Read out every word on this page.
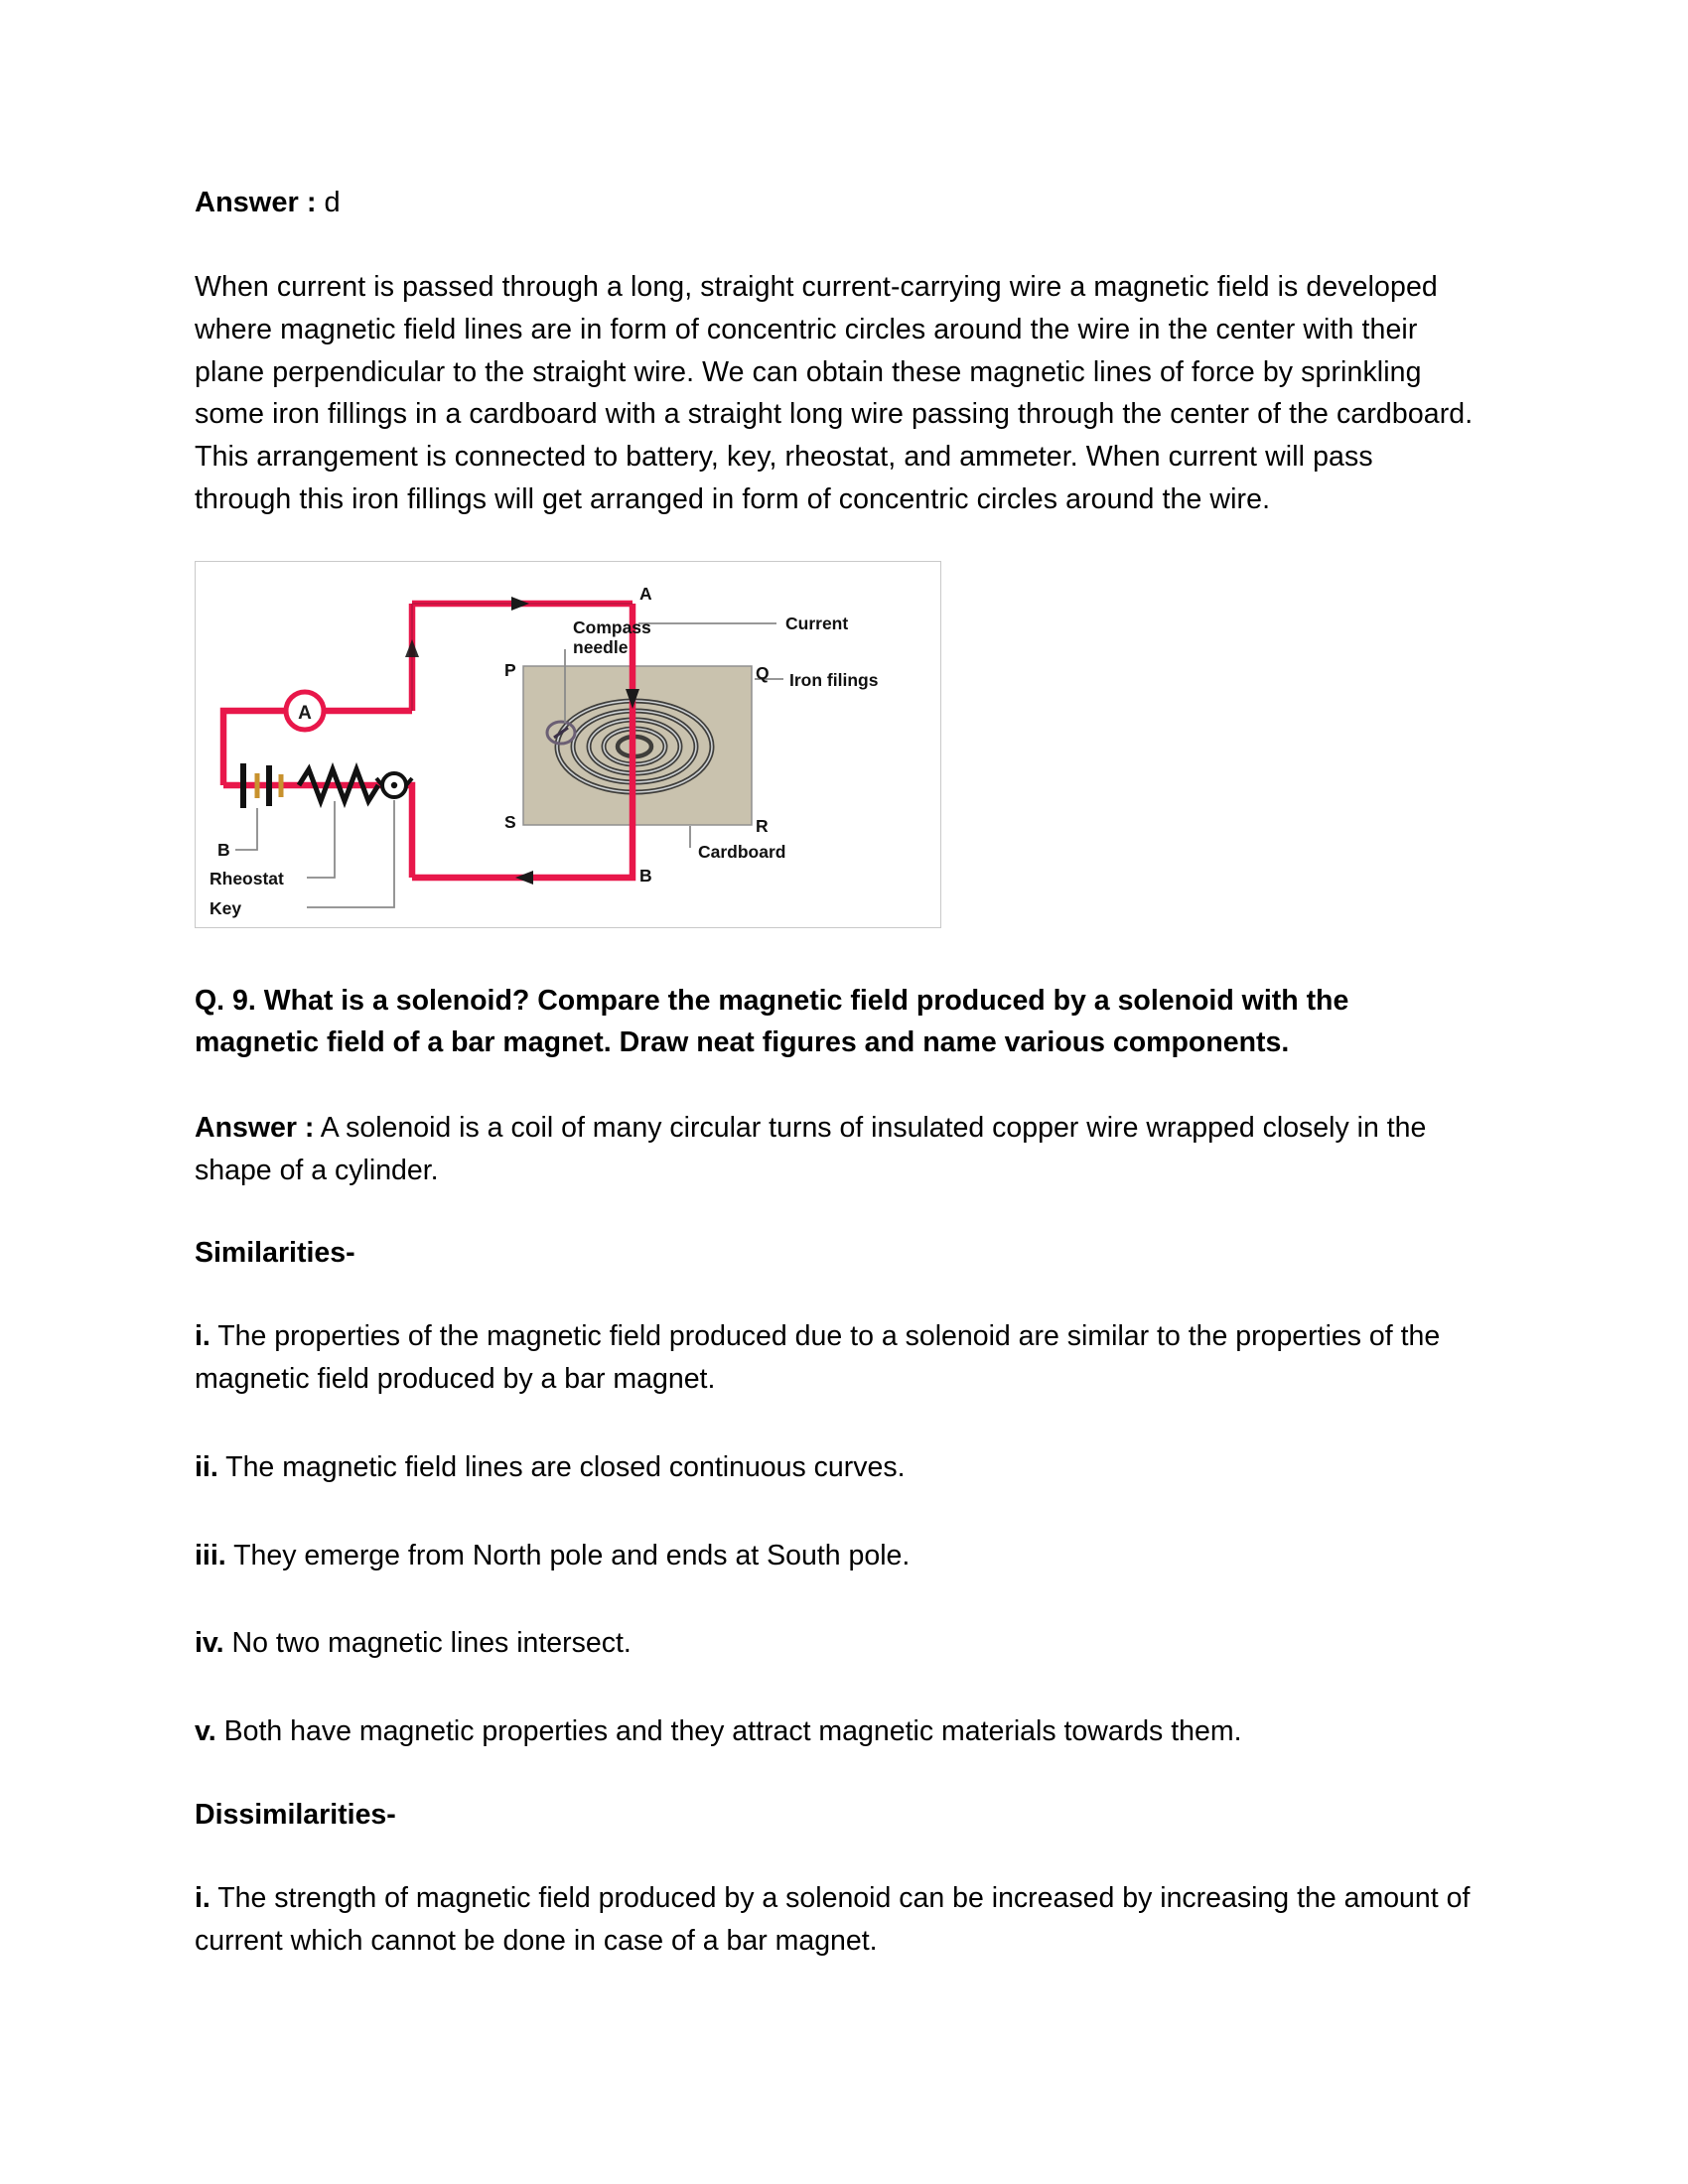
Answer : d

When current is passed through a long, straight current-carrying wire a magnetic field is developed where magnetic field lines are in form of concentric circles around the wire in the center with their plane perpendicular to the straight wire. We can obtain these magnetic lines of force by sprinkling some iron fillings in a cardboard with a straight long wire passing through the center of the cardboard. This arrangement is connected to battery, key, rheostat, and ammeter. When current will pass through this iron fillings will get arranged in form of concentric circles around the wire.

A
Compass
needle
Current
Iron filings
Cardboard
B
Rheostat
Key
A
B
P	Q
R
S
Q. 9. What is a solenoid? Compare the magnetic field produced by a solenoid with the magnetic field of a bar magnet. Draw neat figures and name various components.

Answer : A solenoid is a coil of many circular turns of insulated copper wire wrapped closely in the shape of a cylinder.

Similarities-

i. The properties of the magnetic field produced due to a solenoid are similar to the properties of the magnetic field produced by a bar magnet.

ii. The magnetic field lines are closed continuous curves.

iii. They emerge from North pole and ends at South pole.

iv. No two magnetic lines intersect.

v. Both have magnetic properties and they attract magnetic materials towards them.

Dissimilarities-

i. The strength of magnetic field produced by a solenoid can be increased by increasing the amount of current which cannot be done in case of a bar magnet.
